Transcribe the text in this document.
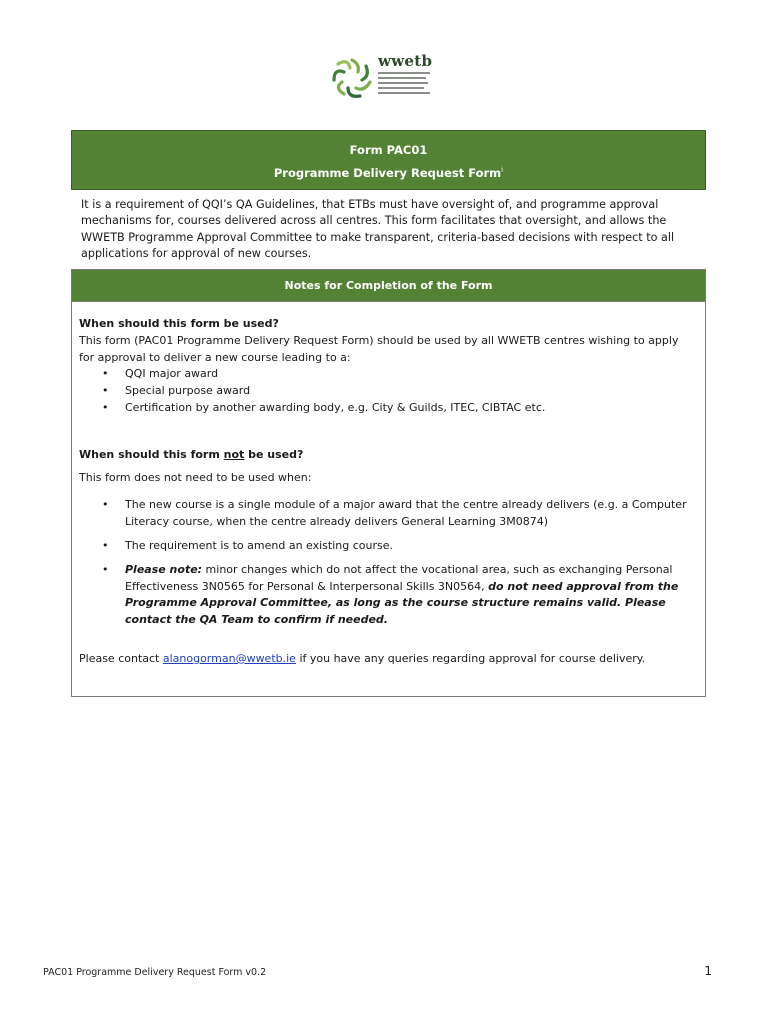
wwetb
Form PAC01
Programme Delivery Request Form$^i$
It is a requirement of QQI’s QA Guidelines, that ETBs must have oversight of, and programme approval mechanisms for, courses delivered across all centres. This form facilitates that oversight, and allows the WWETB Programme Approval Committee to make transparent, criteria-based decisions with respect to all applications for approval of new courses.
Notes for Completion of the Form
When should this form be used?
This form (PAC01 Programme Delivery Request Form) should be used by all WWETB centres wishing to apply for approval to deliver a new course leading to a:
• QQI major award
• Special purpose award
• Certification by another awarding body, e.g. City & Guilds, ITEC, CIBTAC etc.
When should this form not be used?
This form does not need to be used when:
• The new course is a single module of a major award that the centre already delivers (e.g. a Computer Literacy course, when the centre already delivers General Learning 3M0874)
• The requirement is to amend an existing course.
• Please note: minor changes which do not affect the vocational area, such as exchanging Personal Effectiveness 3N0565 for Personal & Interpersonal Skills 3N0564, do not need approval from the Programme Approval Committee, as long as the course structure remains valid. Please contact the QA Team to confirm if needed.
Please contact alanogorman@wwetb.ie if you have any queries regarding approval for course delivery.
PAC01 Programme Delivery Request Form v0.2	1
